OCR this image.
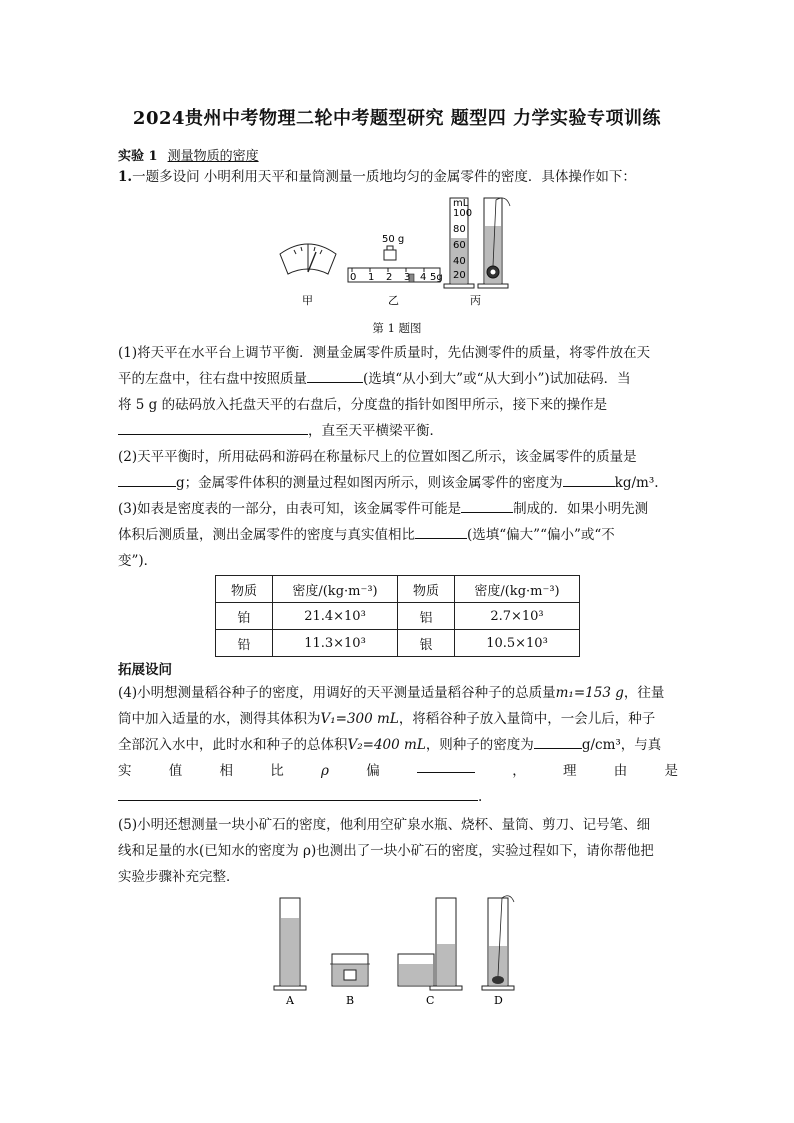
2024贵州中考物理二轮中考题型研究 题型四 力学实验专项训练
实验 1 测量物质的密度
1.一题多设问 小明利用天平和量筒测量一质地均匀的金属零件的密度．具体操作如下：
甲
50 g
0 1 2 3 4 5g
乙
mL
100
80
60
40
20
丙
第 1 题图
(1)将天平在水平台上调节平衡．测量金属零件质量时，先估测零件的质量，将零件放在天
平的左盘中，往右盘中按照质量	(选填“从小到大”或“从大到小”)试加砝码．当
将 5 g 的砝码放入托盘天平的右盘后，分度盘的指针如图甲所示，接下来的操作是
，直至天平横梁平衡．
(2)天平平衡时，所用砝码和游码在称量标尺上的位置如图乙所示，该金属零件的质量是
g；金属零件体积的测量过程如图丙所示，则该金属零件的密度为	kg/m³.
(3)如表是密度表的一部分，由表可知，该金属零件可能是	制成的．如果小明先测
体积后测质量，测出金属零件的密度与真实值相比	(选填“偏大”“偏小”或“不
变”)．
物质	密度/(kg·m⁻³)	物质	密度/(kg·m⁻³)
铂	21.4×10³	铝	2.7×10³
铅	11.3×10³	银	10.5×10³
拓展设问
(4)小明想测量稻谷种子的密度，用调好的天平测量适量稻谷种子的总质量m₁=153 g，往量
筒中加入适量的水，测得其体积为V₁=300 mL，将稻谷种子放入量筒中，一会儿后，种子
全部沉入水中，此时水和种子的总体积V₂=400 mL，则种子的密度为	g/cm³，与真
实	值	相	比	ρ	偏	，	理	由	是
.
(5)小明还想测量一块小矿石的密度，他利用空矿泉水瓶、烧杯、量筒、剪刀、记号笔、细
线和足量的水(已知水的密度为 ρ)也测出了一块小矿石的密度，实验过程如下，请你帮他把
实验步骤补充完整．
A	B	C	D
